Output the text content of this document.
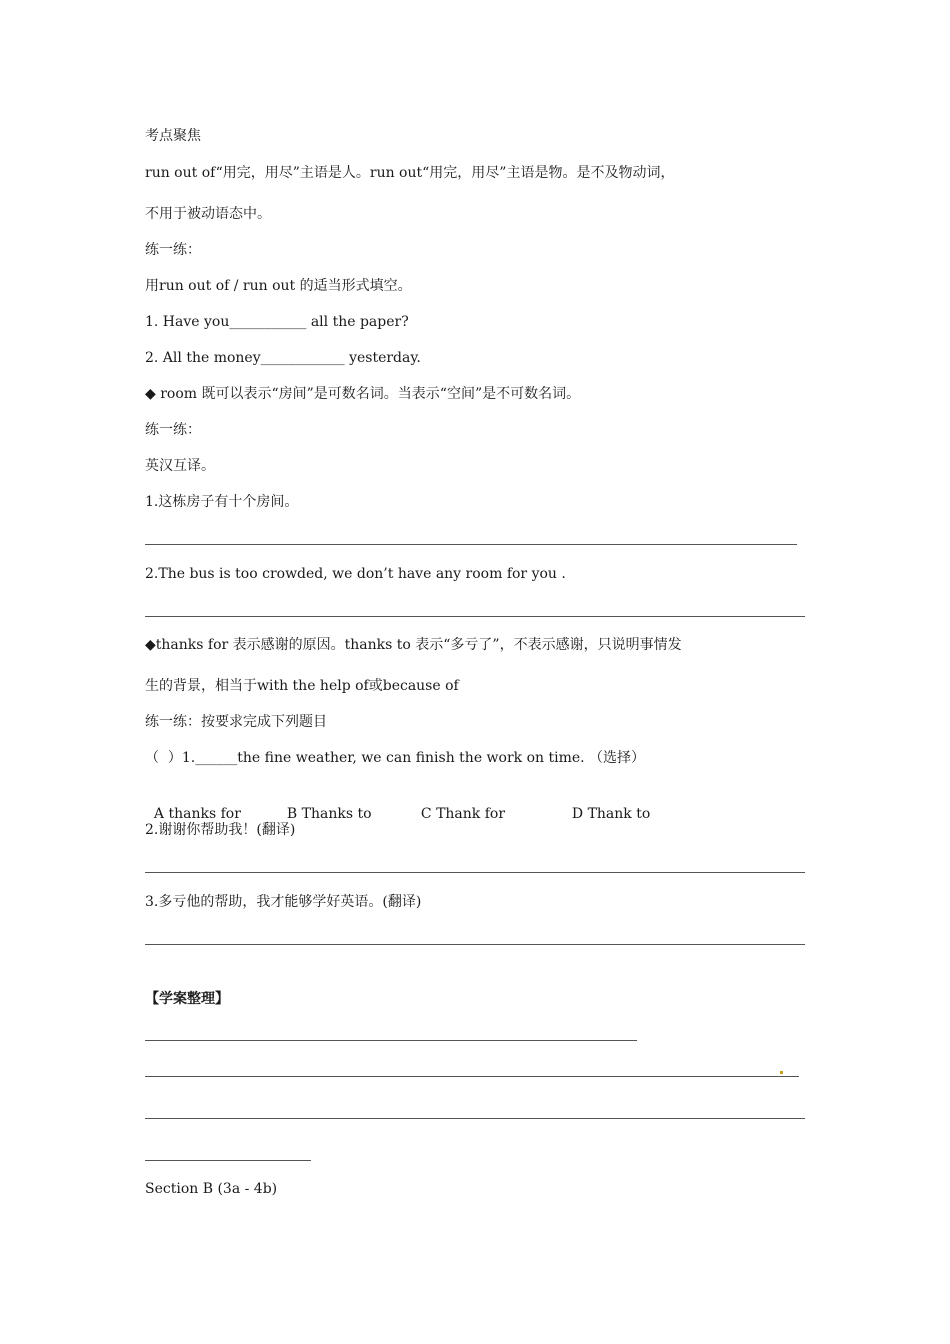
考点聚焦
run out of“用完，用尽”主语是人。run out“用完，用尽”主语是物。是不及物动词，
不用于被动语态中。
练一练：
用run out of / run out 的适当形式填空。
1. Have you___________ all the paper?
2. All the money____________ yesterday.
◆ room 既可以表示“房间”是可数名词。当表示“空间”是不可数名词。
练一练：
英汉互译。
1.这栋房子有十个房间。
2.The bus is too crowded, we don’t have any room for you .
◆thanks for 表示感谢的原因。thanks to 表示“多亏了”，不表示感谢，只说明事情发
生的背景，相当于with the help of或because of
练一练：按要求完成下列题目
（  ）1.______the fine weather, we can finish the work on time. （选择）

A thanks for	B Thanks to	C Thank for	D Thank to

2.谢谢你帮助我！(翻译)
3.多亏他的帮助，我才能够学好英语。(翻译)
【学案整理】
Section B (3a - 4b)
